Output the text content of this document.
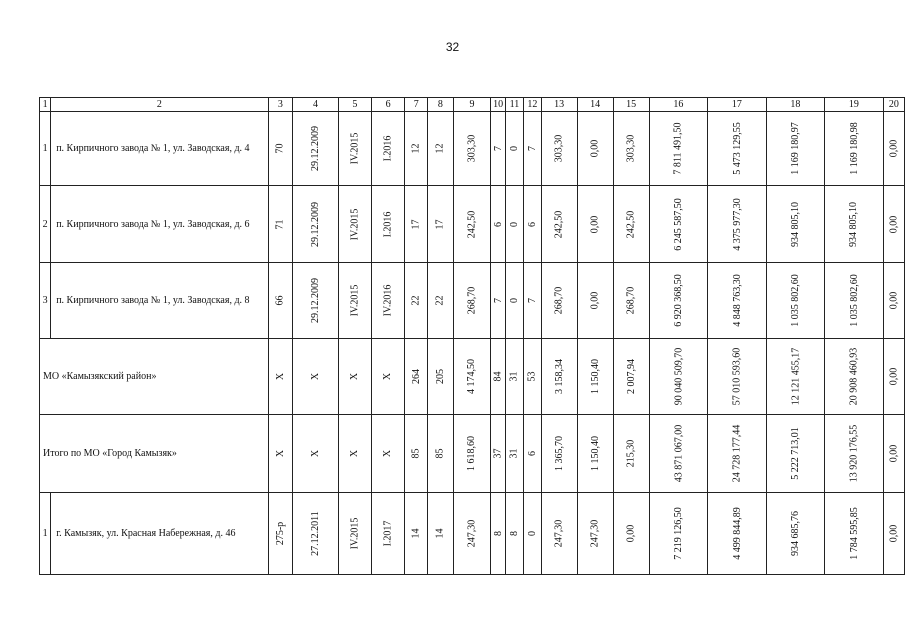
32
1	2	3	4	5	6	7	8	9	10	11	12	13	14	15	16	17	18	19	20
1	п. Кирпичного завода № 1, ул. Заводская, д. 4	70	29.12.2009	IV.2015	I.2016	12	12	303,30	7	0	7	303,30	0,00	303,30	7 811 491,50	5 473 129,55	1 169 180,97	1 169 180,98	0,00
2	п. Кирпичного завода № 1, ул. Заводская, д. 6	71	29.12.2009	IV.2015	I.2016	17	17	242,50	6	0	6	242,50	0,00	242,50	6 245 587,50	4 375 977,30	934 805,10	934 805,10	0,00
3	п. Кирпичного завода № 1, ул. Заводская, д. 8	66	29.12.2009	IV.2015	IV.2016	22	22	268,70	7	0	7	268,70	0,00	268,70	6 920 368,50	4 848 763,30	1 035 802,60	1 035 802,60	0,00
МО «Камызякский район»		Х	Х	Х	Х	264	205	4 174,50	84	31	53	3 158,34	1 150,40	2 007,94	90 040 509,70	57 010 593,60	12 121 455,17	20 908 460,93	0,00
Итого по МО «Город Камызяк»		Х	Х	Х	Х	85	85	1 618,60	37	31	6	1 365,70	1 150,40	215,30	43 871 067,00	24 728 177,44	5 222 713,01	13 920 176,55	0,00
1	г. Камызяк, ул. Красная Набережная, д. 46	275-р	27.12.2011	IV.2015	I.2017	14	14	247,30	8	8	0	247,30	247,30	0,00	7 219 126,50	4 499 844,89	934 685,76	1 784 595,85	0,00
